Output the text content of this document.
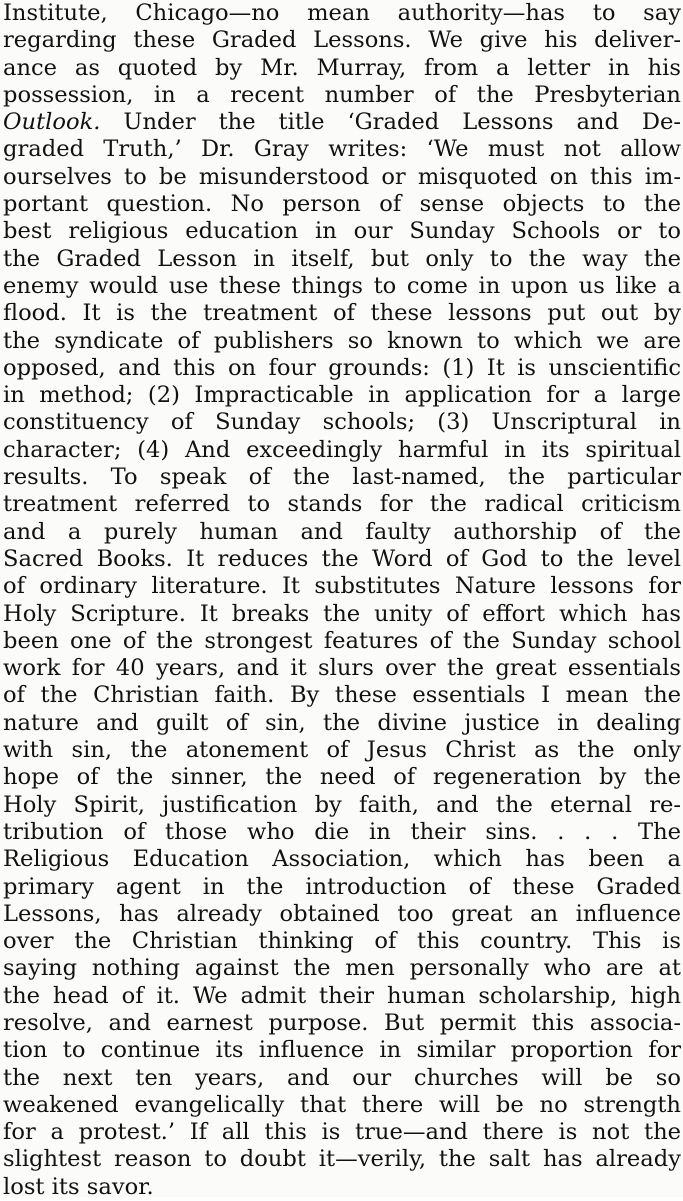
Institute, Chicago—no mean authority—has to say
regarding these Graded Lessons. We give his deliver-
ance as quoted by Mr. Murray, from a letter in his
possession, in a recent number of the Presbyterian
Outlook. Under the title ‘Graded Lessons and De-
graded Truth,’ Dr. Gray writes: ‘We must not allow
ourselves to be misunderstood or misquoted on this im-
portant question. No person of sense objects to the
best religious education in our Sunday Schools or to
the Graded Lesson in itself, but only to the way the
enemy would use these things to come in upon us like a
flood. It is the treatment of these lessons put out by
the syndicate of publishers so known to which we are
opposed, and this on four grounds: (1) It is unscientific
in method; (2) Impracticable in application for a large
constituency of Sunday schools; (3) Unscriptural in
character; (4) And exceedingly harmful in its spiritual
results. To speak of the last-named, the particular
treatment referred to stands for the radical criticism
and a purely human and faulty authorship of the
Sacred Books. It reduces the Word of God to the level
of ordinary literature. It substitutes Nature lessons for
Holy Scripture. It breaks the unity of effort which has
been one of the strongest features of the Sunday school
work for 40 years, and it slurs over the great essentials
of the Christian faith. By these essentials I mean the
nature and guilt of sin, the divine justice in dealing
with sin, the atonement of Jesus Christ as the only
hope of the sinner, the need of regeneration by the
Holy Spirit, justification by faith, and the eternal re-
tribution of those who die in their sins. . . . The
Religious Education Association, which has been a
primary agent in the introduction of these Graded
Lessons, has already obtained too great an influence
over the Christian thinking of this country. This is
saying nothing against the men personally who are at
the head of it. We admit their human scholarship, high
resolve, and earnest purpose. But permit this associa-
tion to continue its influence in similar proportion for
the next ten years, and our churches will be so
weakened evangelically that there will be no strength
for a protest.’ If all this is true—and there is not the
slightest reason to doubt it—verily, the salt has already
lost its savor.
